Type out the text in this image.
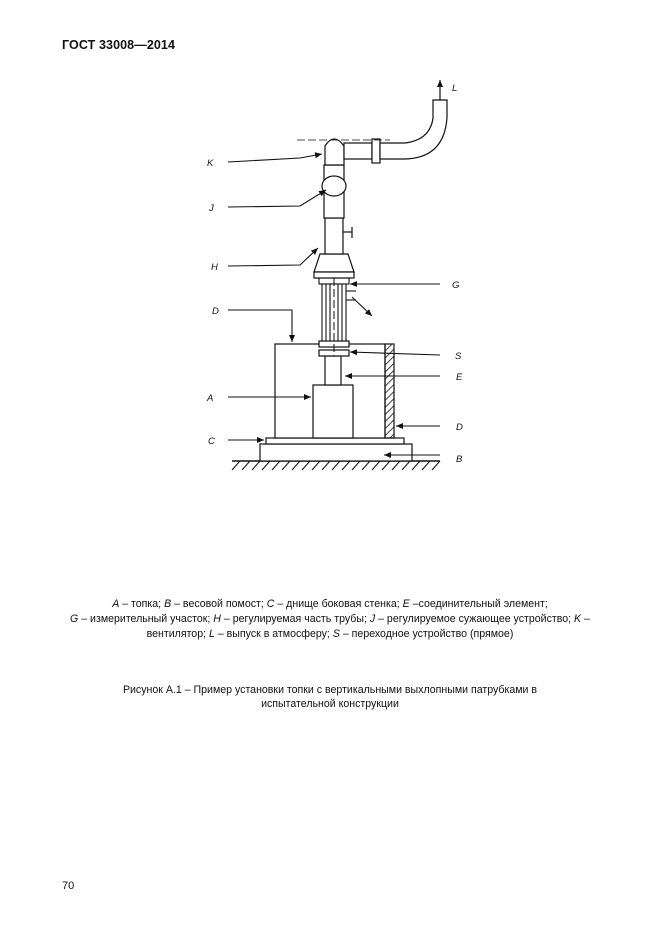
ГОСТ 33008—2014
K
J
H
D
A
C
L
G
S
E
D
B
A – топка; B – весовой помост; C – днище боковая стенка; E –соединительный элемент;
G – измерительный участок; H – регулируемая часть трубы; J – регулируемое сужающее устройство; K – вентилятор; L – выпуск в атмосферу; S – переходное устройство (прямое)
Рисунок А.1 – Пример установки топки с вертикальными выхлопными патрубками в
испытательной конструкции
70
